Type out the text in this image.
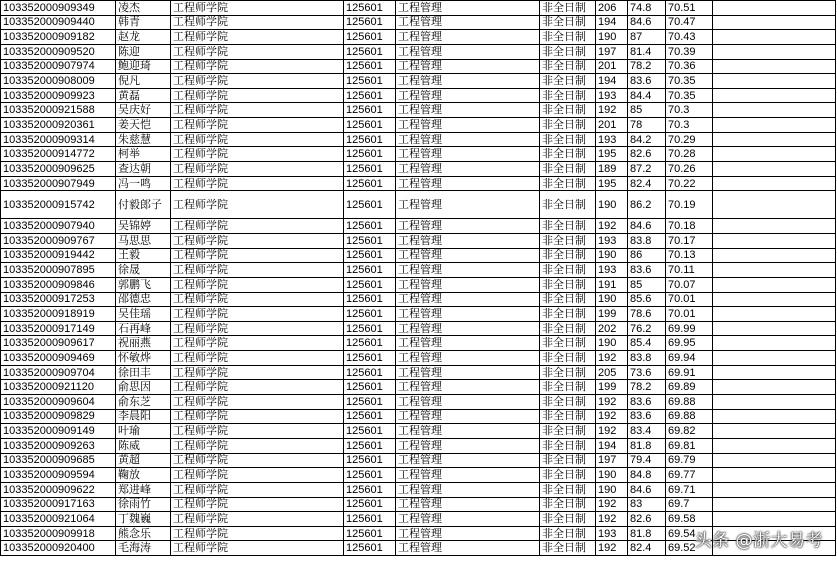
103352000909349	凌杰	工程师学院	125601	工程管理	非全日制	206	74.8	70.51	
103352000909440	韩青	工程师学院	125601	工程管理	非全日制	194	84.6	70.47	
103352000909182	赵龙	工程师学院	125601	工程管理	非全日制	190	87	70.43	
103352000909520	陈迎	工程师学院	125601	工程管理	非全日制	197	81.4	70.39	
103352000907974	鲍迎琦	工程师学院	125601	工程管理	非全日制	201	78.2	70.36	
103352000908009	倪凡	工程师学院	125601	工程管理	非全日制	194	83.6	70.35	
103352000909923	黄磊	工程师学院	125601	工程管理	非全日制	193	84.4	70.35	
103352000921588	吴庆好	工程师学院	125601	工程管理	非全日制	192	85	70.3	
103352000920361	姜天恺	工程师学院	125601	工程管理	非全日制	201	78	70.3	
103352000909314	朱慈慧	工程师学院	125601	工程管理	非全日制	193	84.2	70.29	
103352000914772	柯举	工程师学院	125601	工程管理	非全日制	195	82.6	70.28	
103352000909625	查达朝	工程师学院	125601	工程管理	非全日制	189	87.2	70.26	
103352000907949	冯一鸣	工程师学院	125601	工程管理	非全日制	195	82.4	70.22	
103352000915742	付毅郎子	工程师学院	125601	工程管理	非全日制	190	86.2	70.19	
103352000907940	吴锦婷	工程师学院	125601	工程管理	非全日制	192	84.6	70.18	
103352000909767	马思思	工程师学院	125601	工程管理	非全日制	193	83.8	70.17	
103352000919442	王毅	工程师学院	125601	工程管理	非全日制	190	86	70.13	
103352000907895	徐晟	工程师学院	125601	工程管理	非全日制	193	83.6	70.11	
103352000909846	郭鹏飞	工程师学院	125601	工程管理	非全日制	191	85	70.07	
103352000917253	邵德忠	工程师学院	125601	工程管理	非全日制	190	85.6	70.01	
103352000918919	吴佳瑶	工程师学院	125601	工程管理	非全日制	199	78.6	70.01	
103352000917149	石再峰	工程师学院	125601	工程管理	非全日制	202	76.2	69.99	
103352000909617	祝丽燕	工程师学院	125601	工程管理	非全日制	190	85.4	69.95	
103352000909469	怀敏烨	工程师学院	125601	工程管理	非全日制	192	83.8	69.94	
103352000909704	徐田丰	工程师学院	125601	工程管理	非全日制	205	73.6	69.91	
103352000921120	俞思因	工程师学院	125601	工程管理	非全日制	199	78.2	69.89	
103352000909604	俞东芝	工程师学院	125601	工程管理	非全日制	192	83.6	69.88	
103352000909829	李晨阳	工程师学院	125601	工程管理	非全日制	192	83.6	69.88	
103352000909149	叶瑜	工程师学院	125601	工程管理	非全日制	192	83.4	69.82	
103352000909263	陈威	工程师学院	125601	工程管理	非全日制	194	81.8	69.81	
103352000909685	黄超	工程师学院	125601	工程管理	非全日制	197	79.4	69.79	
103352000909594	鞠放	工程师学院	125601	工程管理	非全日制	190	84.8	69.77	
103352000909622	郑进峰	工程师学院	125601	工程管理	非全日制	190	84.6	69.71	
103352000917163	徐雨竹	工程师学院	125601	工程管理	非全日制	192	83	69.7	
103352000921064	丁魏巍	工程师学院	125601	工程管理	非全日制	192	82.6	69.58	
103352000909918	熊念乐	工程师学院	125601	工程管理	非全日制	193	81.8	69.54	
103352000920400	毛海涛	工程师学院	125601	工程管理	非全日制	192	82.4	69.52	头条 @浙大易考
